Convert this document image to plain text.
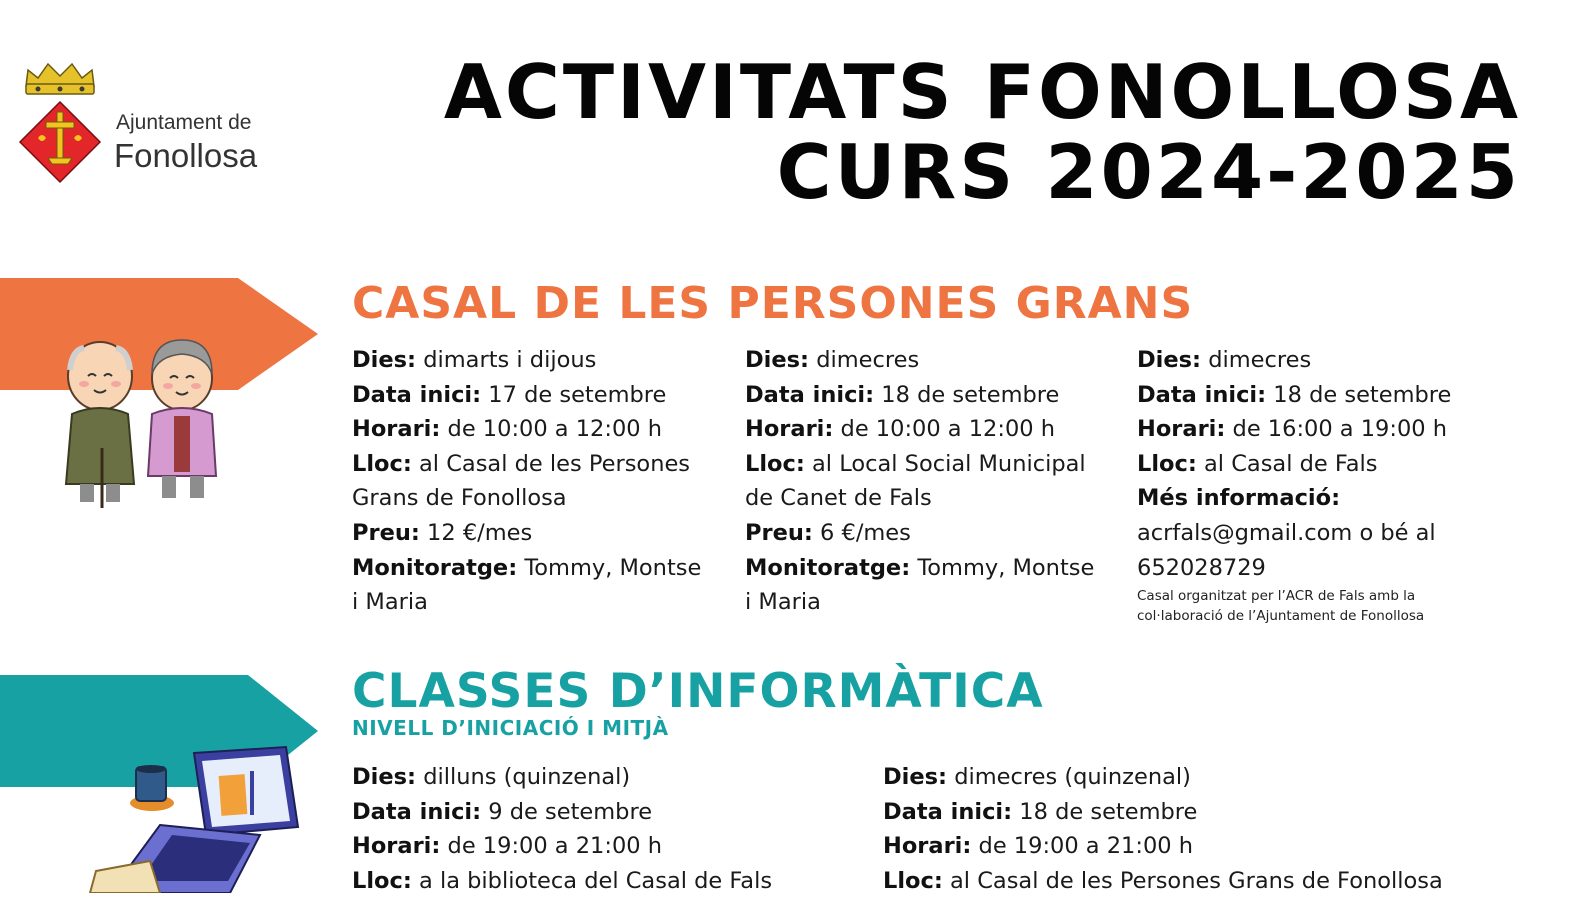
Ajuntament de
Fonollosa
ACTIVITATS FONOLLOSA
CURS 2024-2025
CASAL DE LES PERSONES GRANS
Dies: dimarts i dijous
Data inici: 17 de setembre
Horari: de 10:00 a 12:00 h
Lloc: al Casal de les Persones
Grans de Fonollosa
Preu: 12 €/mes
Monitoratge: Tommy, Montse
i Maria
Dies: dimecres
Data inici: 18 de setembre
Horari: de 10:00 a 12:00 h
Lloc: al Local Social Municipal
de Canet de Fals
Preu: 6 €/mes
Monitoratge: Tommy, Montse
i Maria
Dies: dimecres
Data inici: 18 de setembre
Horari: de 16:00 a 19:00 h
Lloc: al Casal de Fals
Més informació:
acrfals@gmail.com o bé al
652028729
Casal organitzat per l’ACR de Fals amb la
col·laboració de l’Ajuntament de Fonollosa
CLASSES D’INFORMÀTICA
NIVELL D’INICIACIÓ I MITJÀ
Dies: dilluns (quinzenal)
Data inici: 9 de setembre
Horari: de 19:00 a 21:00 h
Lloc: a la biblioteca del Casal de Fals
Dies: dimecres (quinzenal)
Data inici: 18 de setembre
Horari: de 19:00 a 21:00 h
Lloc: al Casal de les Persones Grans de Fonollosa
